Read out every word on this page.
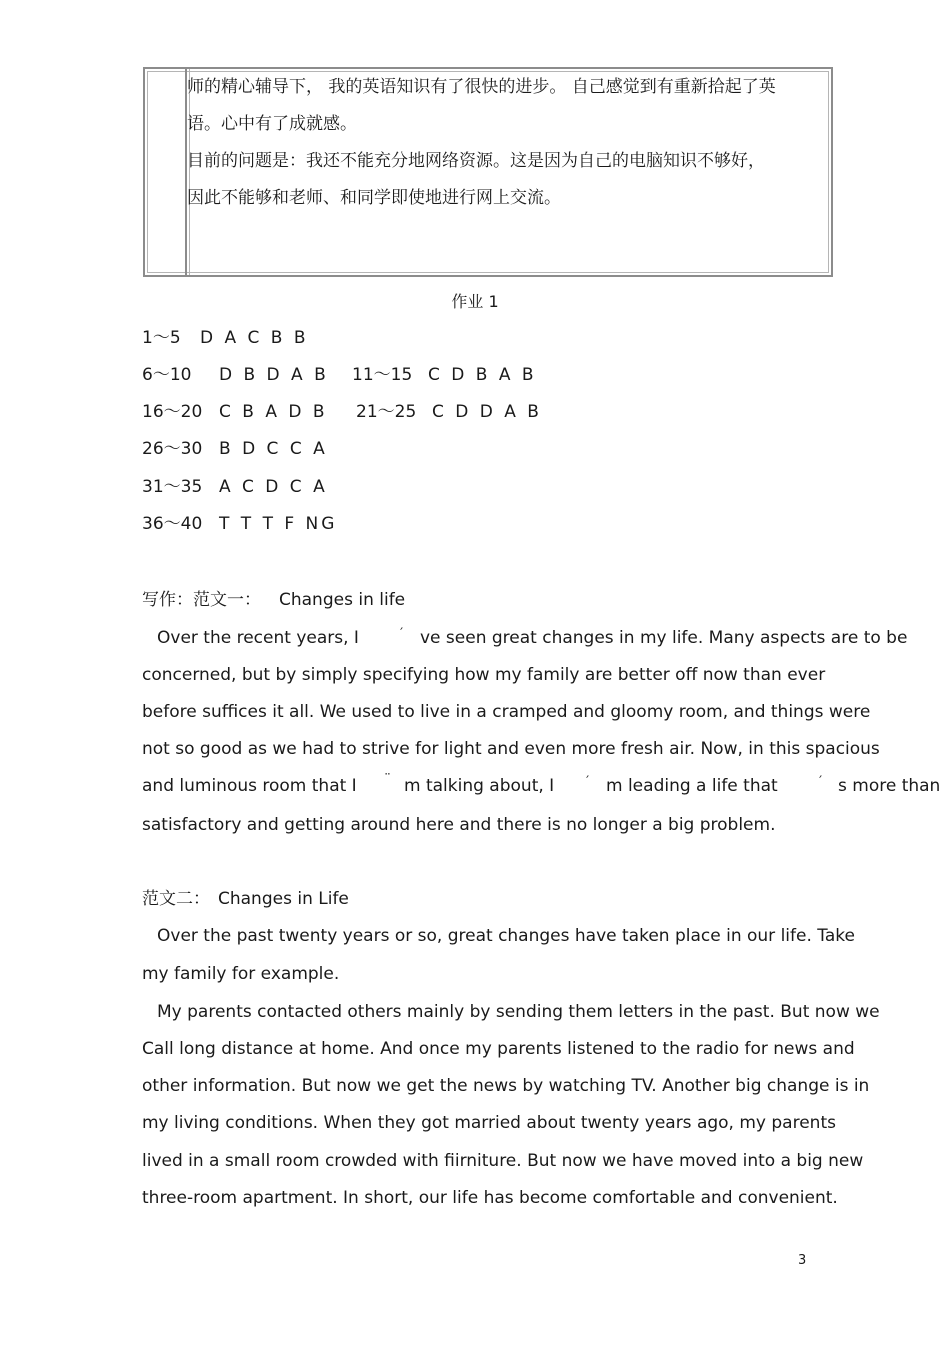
师的精心辅导下， 我的英语知识有了很快的进步。 自己感觉到有重新拾起了英
语。心中有了成就感。
目前的问题是：我还不能充分地网络资源。这是因为自己的电脑知识不够好，
因此不能够和老师、和同学即使地进行网上交流。
作业 1
1～5 D A C B B
6～10 D B D A B 11～15 C D B A B
16～20 C B A D B 21～25 C D D A B
26～30 B D C C A
31～35 A C D C A
36～40 T T T F NG
写作：范文一： Changes in life
Over the recent years, I	′ ve seen great changes in my life. Many aspects are to be
concerned, but by simply specifying how my family are better off now than ever
before suffices it all. We used to live in a cramped and gloomy room, and things were
not so good as we had to strive for light and even more fresh air. Now, in this spacious
and luminous room that I ¨ m talking about, I ′ m leading a life that	′ s more than
satisfactory and getting around here and there is no longer a big problem.
范文二： Changes in Life
Over the past twenty years or so, great changes have taken place in our life. Take
my family for example.
My parents contacted others mainly by sending them letters in the past. But now we
Call long distance at home. And once my parents listened to the radio for news and
other information. But now we get the news by watching TV. Another big change is in
my living conditions. When they got married about twenty years ago, my parents
lived in a small room crowded with fiirniture. But now we have moved into a big new
three-room apartment. In short, our life has become comfortable and convenient.
3
